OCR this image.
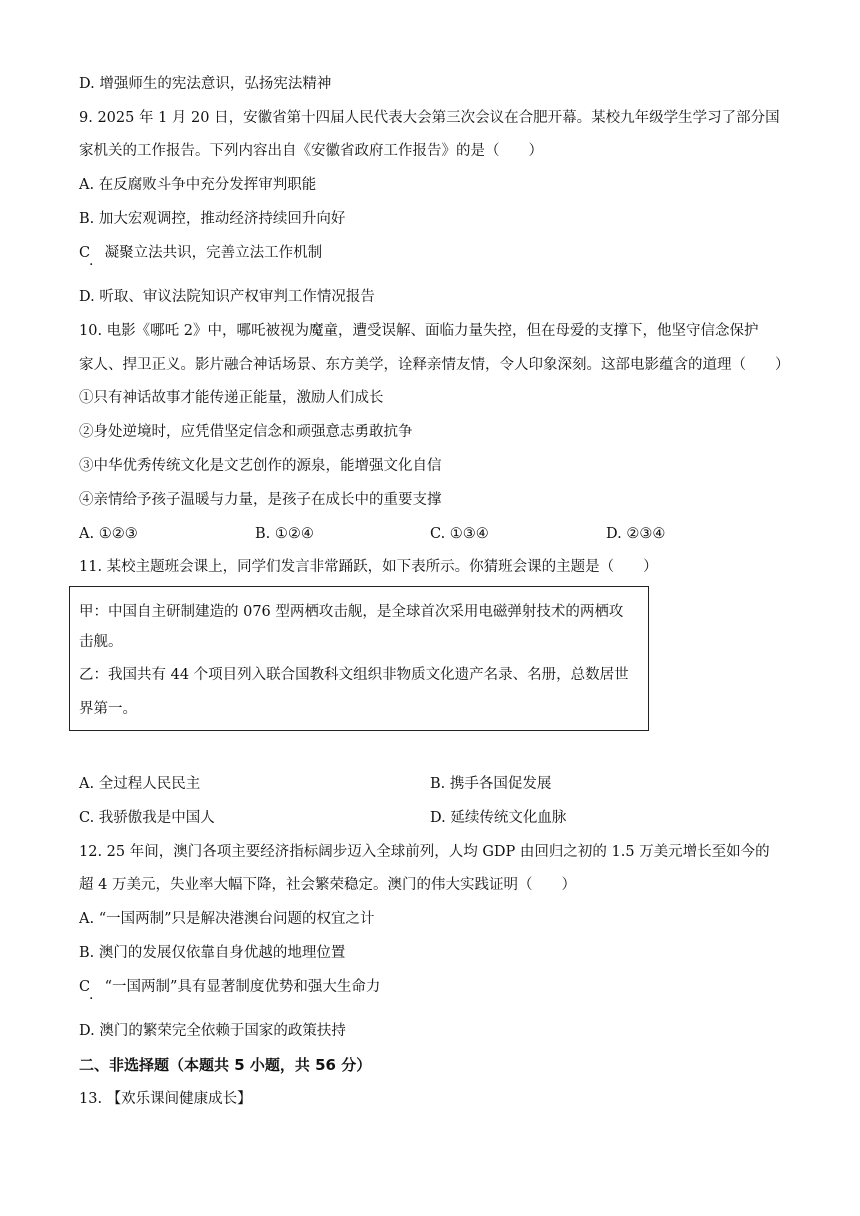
D. 增强师生的宪法意识，弘扬宪法精神
9. 2025 年 1 月 20 日，安徽省第十四届人民代表大会第三次会议在合肥开幕。某校九年级学生学习了部分国
家机关的工作报告。下列内容出自《安徽省政府工作报告》的是（　　）
A. 在反腐败斗争中充分发挥审判职能
B. 加大宏观调控，推动经济持续回升向好
C　凝聚立法共识，完善立法工作机制
·
D. 听取、审议法院知识产权审判工作情况报告
10. 电影《哪吒 2》中，哪吒被视为魔童，遭受误解、面临力量失控，但在母爱的支撑下，他坚守信念保护
家人、捍卫正义。影片融合神话场景、东方美学，诠释亲情友情，令人印象深刻。这部电影蕴含的道理（　　）
①只有神话故事才能传递正能量，激励人们成长
②身处逆境时，应凭借坚定信念和顽强意志勇敢抗争
③中华优秀传统文化是文艺创作的源泉，能增强文化自信
④亲情给予孩子温暖与力量，是孩子在成长中的重要支撑
A. ①②③	B. ①②④	C. ①③④	D. ②③④
11. 某校主题班会课上，同学们发言非常踊跃，如下表所示。你猜班会课的主题是（　　）
甲：中国自主研制建造的 076 型两栖攻击舰，是全球首次采用电磁弹射技术的两栖攻
击舰。
乙：我国共有 44 个项目列入联合国教科文组织非物质文化遗产名录、名册，总数居世
界第一。
A. 全过程人民民主	B. 携手各国促发展
C. 我骄傲我是中国人	D. 延续传统文化血脉
12. 25 年间，澳门各项主要经济指标阔步迈入全球前列，人均 GDP 由回归之初的 1.5 万美元增长至如今的
超 4 万美元，失业率大幅下降，社会繁荣稳定。澳门的伟大实践证明（　　）
A. “一国两制”只是解决港澳台问题的权宜之计
B. 澳门的发展仅依靠自身优越的地理位置
C　“一国两制”具有显著制度优势和强大生命力
·
D. 澳门的繁荣完全依赖于国家的政策扶持
二、非选择题（本题共 5 小题，共 56 分）
13. 【欢乐课间健康成长】
